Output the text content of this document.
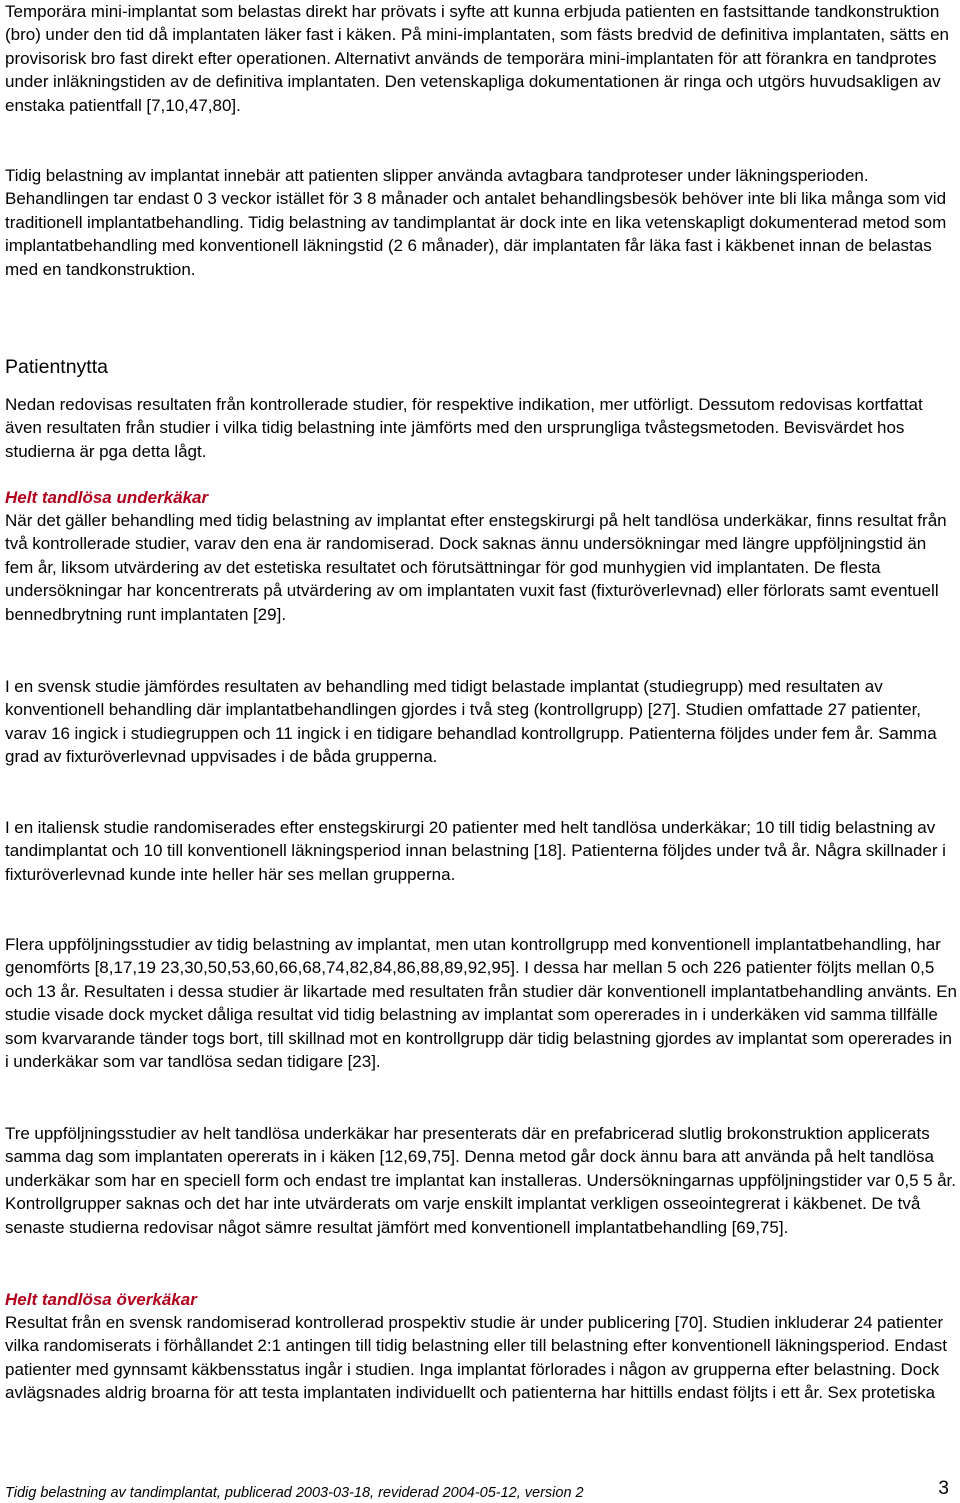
Temporära mini-implantat som belastas direkt har prövats i syfte att kunna erbjuda patienten en fastsittande tandkonstruktion (bro) under den tid då implantaten läker fast i käken. På mini-implantaten, som fästs bredvid de definitiva implantaten, sätts en provisorisk bro fast direkt efter operationen. Alternativt används de temporära mini-implantaten för att förankra en tandprotes under inläkningstiden av de definitiva implantaten. Den vetenskapliga dokumentationen är ringa och utgörs huvudsakligen av enstaka patientfall [7,10,47,80].

Tidig belastning av implantat innebär att patienten slipper använda avtagbara tandproteser under läkningsperioden. Behandlingen tar endast 0 3 veckor istället för 3 8 månader och antalet behandlingsbesök behöver inte bli lika många som vid traditionell implantatbehandling. Tidig belastning av tandimplantat är dock inte en lika vetenskapligt dokumenterad metod som implantatbehandling med konventionell läkningstid (2 6 månader), där implantaten får läka fast i käkbenet innan de belastas med en tandkonstruktion.

Patientnytta

Nedan redovisas resultaten från kontrollerade studier, för respektive indikation, mer utförligt. Dessutom redovisas kortfattat även resultaten från studier i vilka tidig belastning inte jämförts med den ursprungliga tvåstegsmetoden. Bevisvärdet hos studierna är pga detta lågt.

Helt tandlösa underkäkar

När det gäller behandling med tidig belastning av implantat efter enstegskirurgi på helt tandlösa underkäkar, finns resultat från två kontrollerade studier, varav den ena är randomiserad. Dock saknas ännu undersökningar med längre uppföljningstid än fem år, liksom utvärdering av det estetiska resultatet och förutsättningar för god munhygien vid implantaten. De flesta undersökningar har koncentrerats på utvärdering av om implantaten vuxit fast (fixturöverlevnad) eller förlorats samt eventuell bennedbrytning runt implantaten [29].

I en svensk studie jämfördes resultaten av behandling med tidigt belastade implantat (studiegrupp) med resultaten av konventionell behandling där implantatbehandlingen gjordes i två steg (kontrollgrupp) [27]. Studien omfattade 27 patienter, varav 16 ingick i studiegruppen och 11 ingick i en tidigare behandlad kontrollgrupp. Patienterna följdes under fem år. Samma grad av fixturöverlevnad uppvisades i de båda grupperna.

I en italiensk studie randomiserades efter enstegskirurgi 20 patienter med helt tandlösa underkäkar; 10 till tidig belastning av tandimplantat och 10 till konventionell läkningsperiod innan belastning [18]. Patienterna följdes under två år. Några skillnader i fixturöverlevnad kunde inte heller här ses mellan grupperna.

Flera uppföljningsstudier av tidig belastning av implantat, men utan kontrollgrupp med konventionell implantatbehandling, har genomförts [8,17,19 23,30,50,53,60,66,68,74,82,84,86,88,89,92,95]. I dessa har mellan 5 och 226 patienter följts mellan 0,5 och 13 år. Resultaten i dessa studier är likartade med resultaten från studier där konventionell implantatbehandling använts. En studie visade dock mycket dåliga resultat vid tidig belastning av implantat som opererades in i underkäken vid samma tillfälle som kvarvarande tänder togs bort, till skillnad mot en kontrollgrupp där tidig belastning gjordes av implantat som opererades in i underkäkar som var tandlösa sedan tidigare [23].

Tre uppföljningsstudier av helt tandlösa underkäkar har presenterats där en prefabricerad slutlig brokonstruktion applicerats samma dag som implantaten opererats in i käken [12,69,75]. Denna metod går dock ännu bara att använda på helt tandlösa underkäkar som har en speciell form och endast tre implantat kan installeras. Undersökningarnas uppföljningstider var 0,5 5 år. Kontrollgrupper saknas och det har inte utvärderats om varje enskilt implantat verkligen osseointegrerat i käkbenet. De två senaste studierna redovisar något sämre resultat jämfört med konventionell implantatbehandling [69,75].

Helt tandlösa överkäkar

Resultat från en svensk randomiserad kontrollerad prospektiv studie är under publicering [70]. Studien inkluderar 24 patienter vilka randomiserats i förhållandet 2:1 antingen till tidig belastning eller till belastning efter konventionell läkningsperiod. Endast patienter med gynnsamt käkbensstatus ingår i studien. Inga implantat förlorades i någon av grupperna efter belastning. Dock avlägsnades aldrig broarna för att testa implantaten individuellt och patienterna har hittills endast följts i ett år. Sex protetiska

Tidig belastning av tandimplantat, publicerad 2003-03-18, reviderad 2004-05-12, version 2	3
